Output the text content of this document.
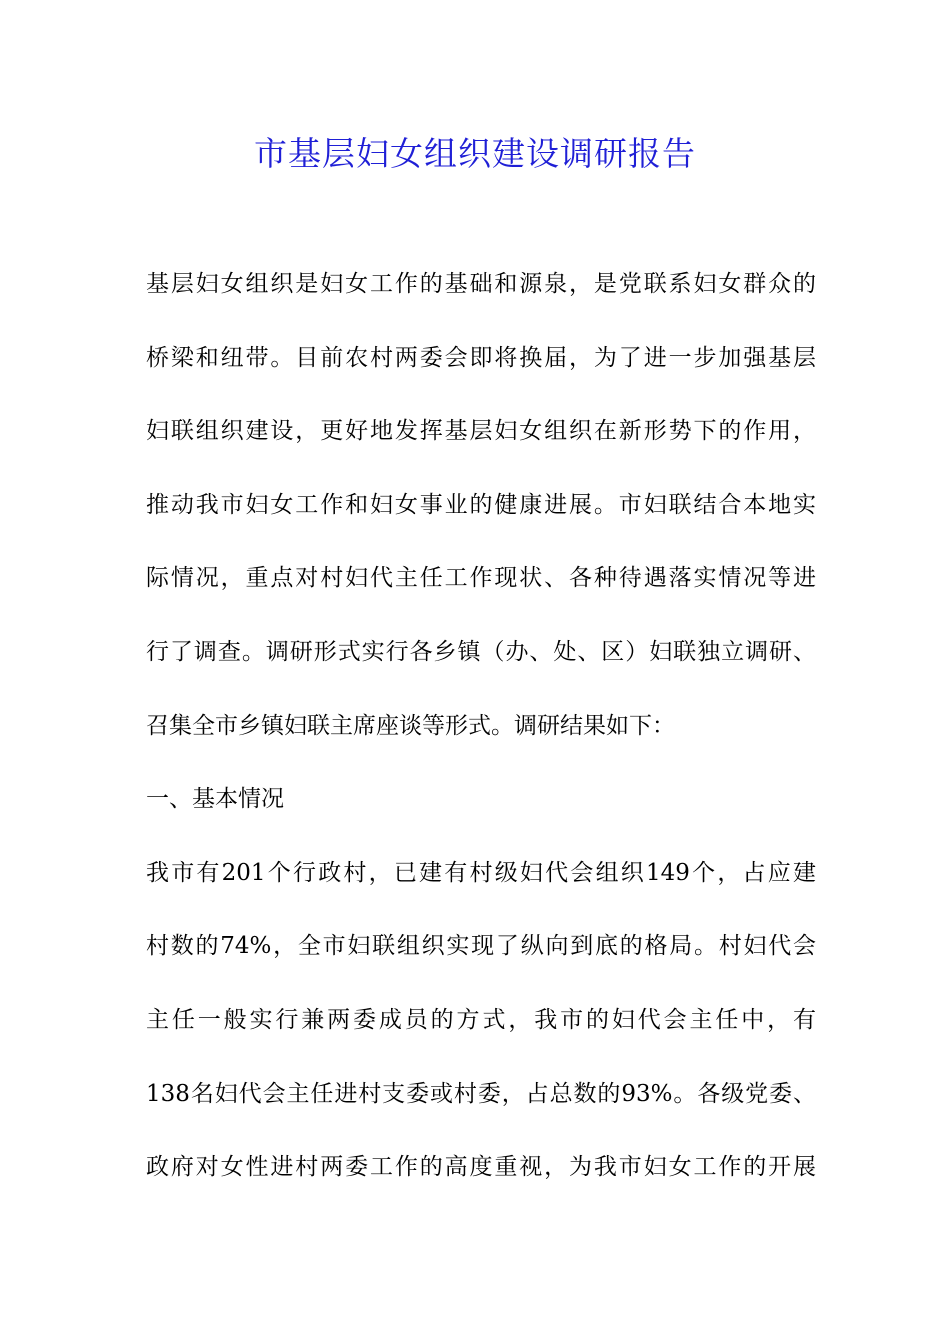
市基层妇女组织建设调研报告
基层妇女组织是妇女工作的基础和源泉，是党联系妇女群众的
桥梁和纽带。目前农村两委会即将换届，为了进一步加强基层
妇联组织建设，更好地发挥基层妇女组织在新形势下的作用，
推动我市妇女工作和妇女事业的健康进展。市妇联结合本地实
际情况，重点对村妇代主任工作现状、各种待遇落实情况等进
行了调查。调研形式实行各乡镇（办、处、区）妇联独立调研、
召集全市乡镇妇联主席座谈等形式。调研结果如下：
一、基本情况
我市有201个行政村，已建有村级妇代会组织149个，占应建
村数的74%，全市妇联组织实现了纵向到底的格局。村妇代会
主任一般实行兼两委成员的方式，我市的妇代会主任中，有
138名妇代会主任进村支委或村委，占总数的93%。各级党委、
政府对女性进村两委工作的高度重视，为我市妇女工作的开展
